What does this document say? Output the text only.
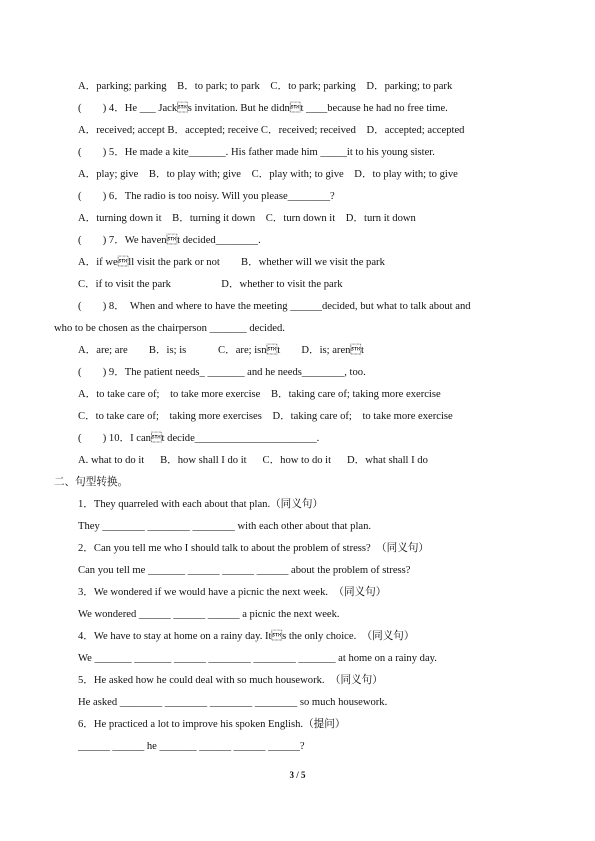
A．parking; parking    B．to park; to park    C．to park; parking    D．parking; to park
(        ) 4．He ___ Jacks invitation. But he didnt ____because he had no free time.
A．received; accept B．accepted; receive C．received; received    D．accepted; accepted
(        ) 5．He made a kite_______. His father made him _____it to his young sister.
A．play; give    B．to play with; give    C．play with; to give    D．to play with; to give
(        ) 6．The radio is too noisy. Will you please________?
A．turning down it    B．turning it down    C．turn down it    D．turn it down
(        ) 7．We havent decided________.
A．if well visit the park or not        B．whether will we visit the park
C．if to visit the park                   D．whether to visit the park
(        ) 8．  When and where to have the meeting ______decided, but what to talk about and
who to be chosen as the chairperson _______ decided.
A．are; are        B．is; is            C．are; isnt        D．is; arent
(        ) 9．The patient needs_ _______ and he needs________, too.
A．to take care of;    to take more exercise    B．taking care of; taking more exercise
C．to take care of;    taking more exercises    D．taking care of;    to take more exercise
(        ) 10．I cant decide_______________________.
A. what to do it      B．how shall I do it      C．how to do it      D．what shall I do
二、句型转换。
1．They quarreled with each about that plan.（同义句）
They ________ ________ ________ with each other about that plan.
2．Can you tell me who I should talk to about the problem of stress?  （同义句）
Can you tell me _______ ______ ______ ______ about the problem of stress?
3．We wondered if we would have a picnic the next week.  （同义句）
We wondered ______ ______ ______ a picnic the next week.
4．We have to stay at home on a rainy day. Its the only choice.  （同义句）
We _______ _______ ______ ________ ________ _______ at home on a rainy day.
5．He asked how he could deal with so much housework.  （同义句）
He asked ________ ________ ________ ________ so much housework.
6．He practiced a lot to improve his spoken English.（提问）
______ ______ he _______ ______ ______ ______?
3 / 5
